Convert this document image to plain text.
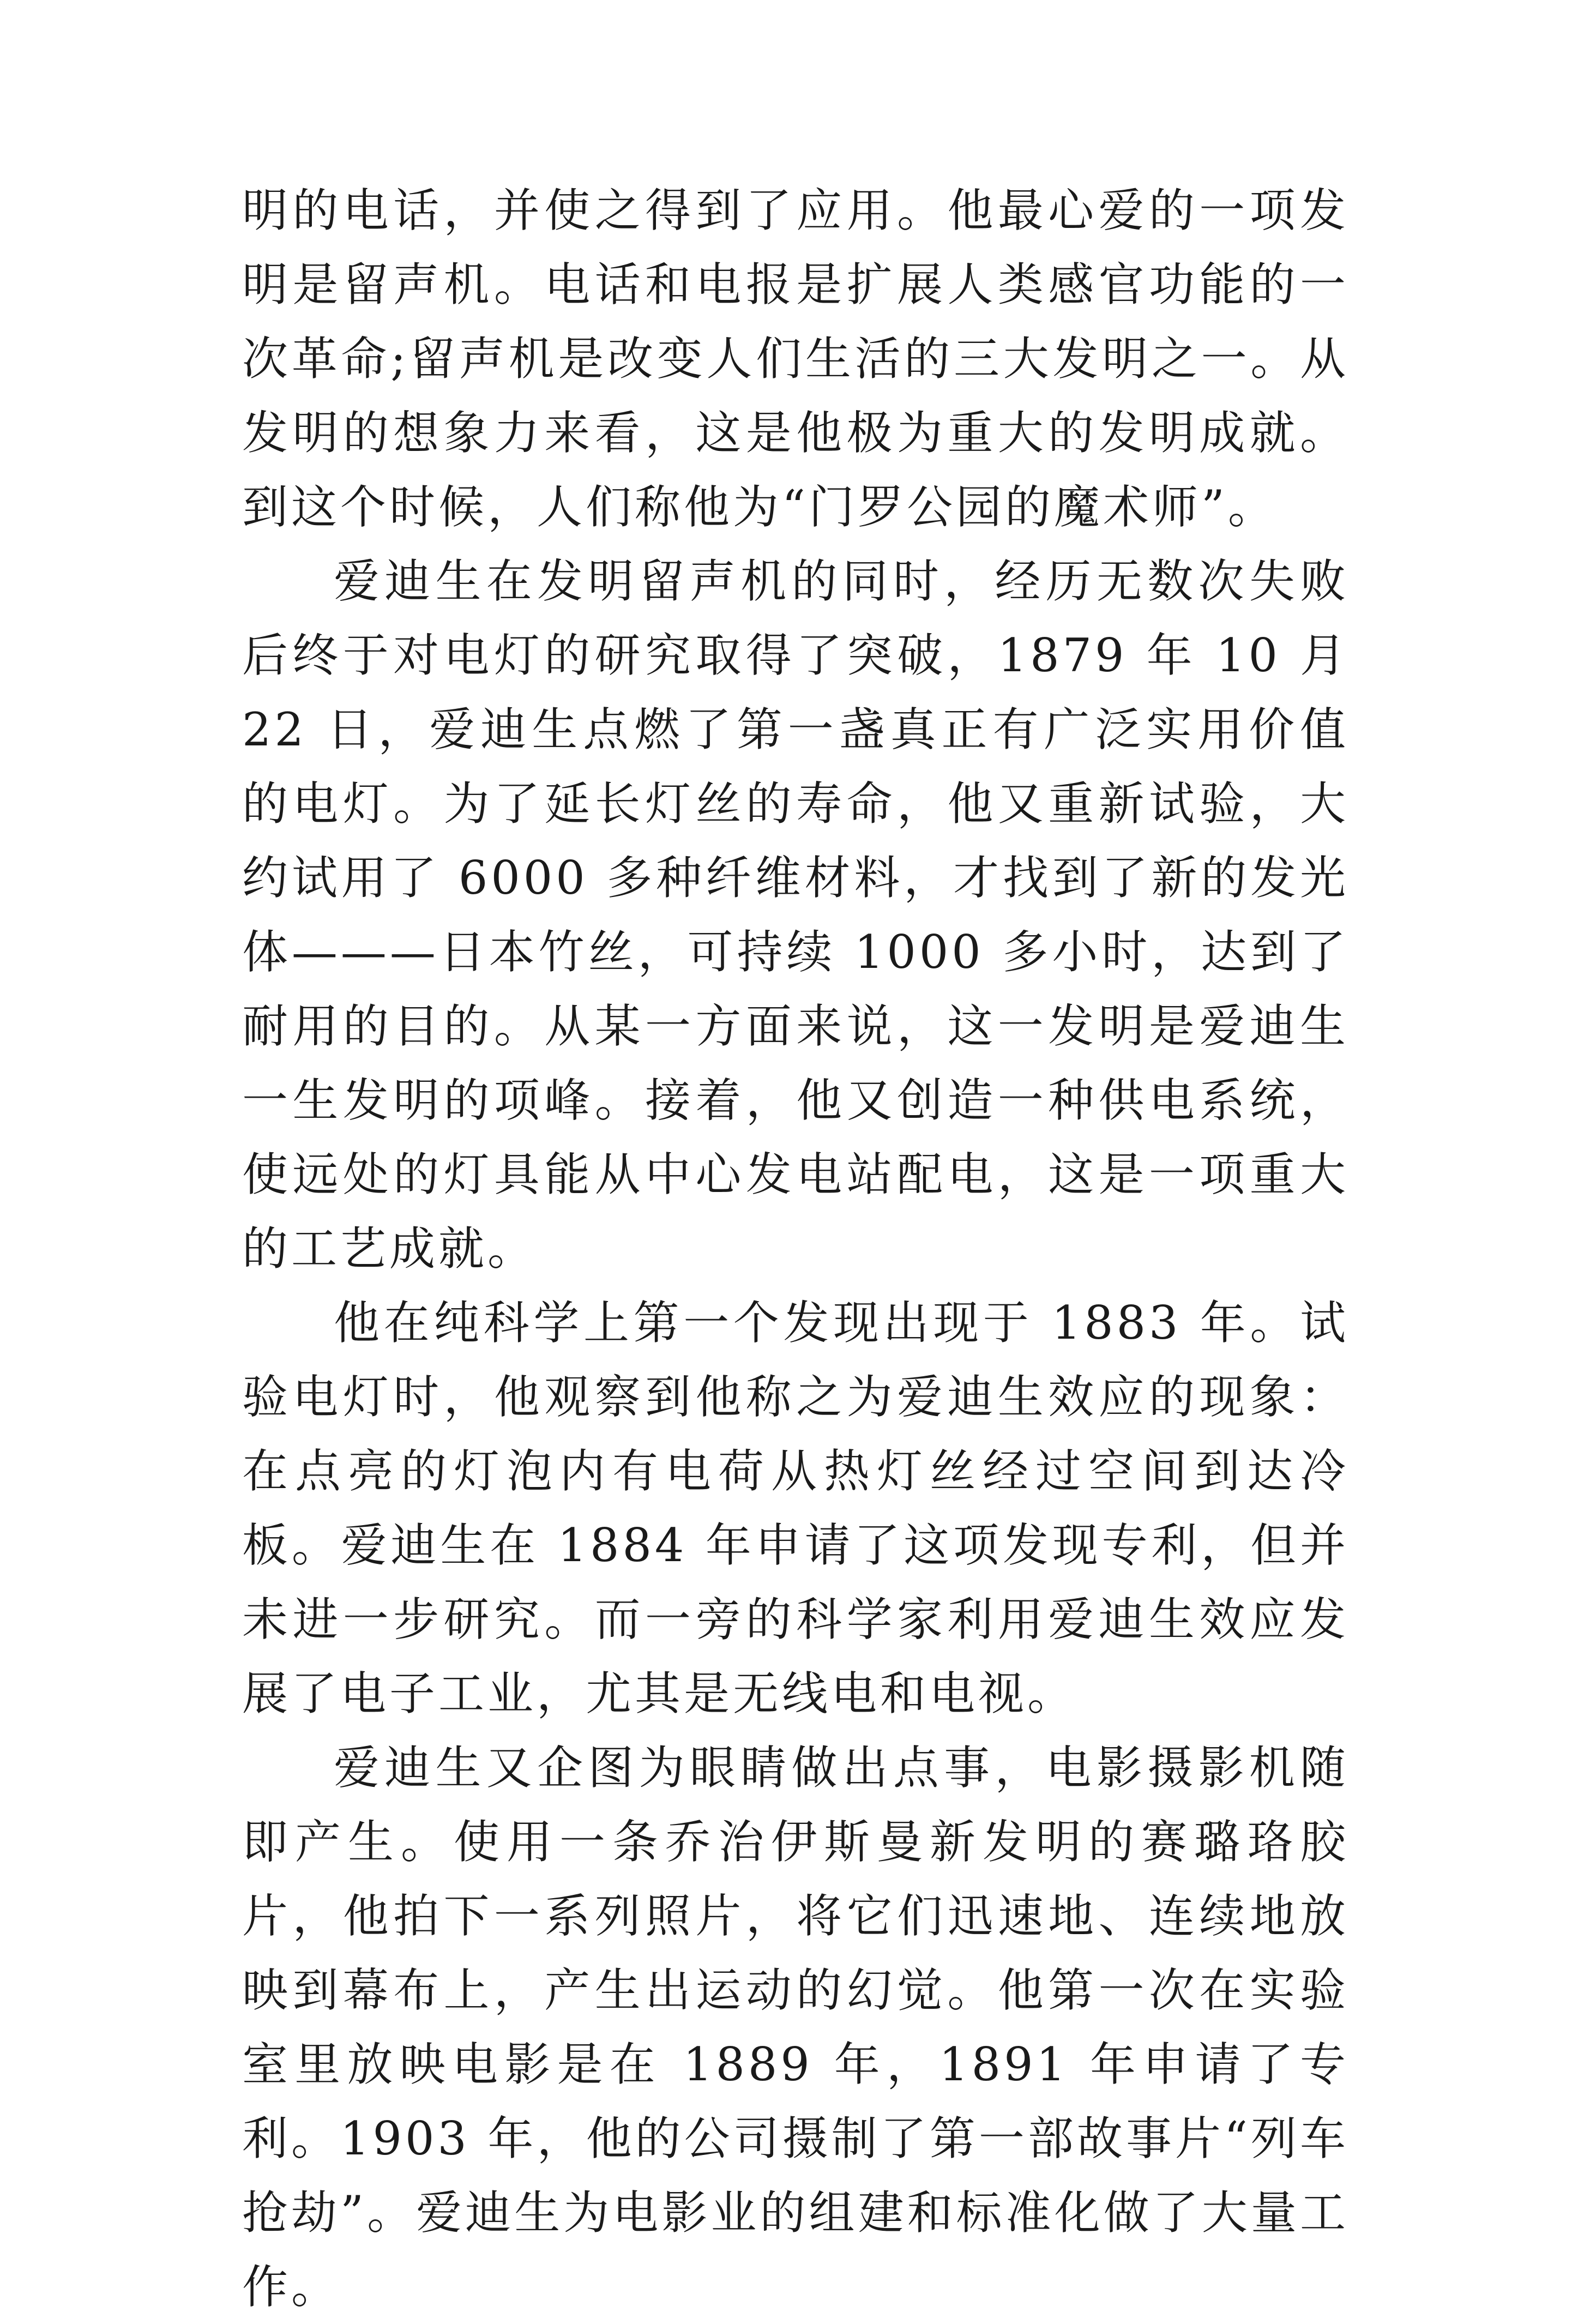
明的电话，并使之得到了应用。他最心爱的一项发明是留声机。电话和电报是扩展人类感官功能的一次革命;留声机是改变人们生活的三大发明之一。从发明的想象力来看，这是他极为重大的发明成就。到这个时候，人们称他为“门罗公园的魔术师”。

爱迪生在发明留声机的同时，经历无数次失败后终于对电灯的研究取得了突破，1879 年 10 月 22 日，爱迪生点燃了第一盏真正有广泛实用价值的电灯。为了延长灯丝的寿命，他又重新试验，大约试用了 6000 多种纤维材料，才找到了新的发光体———日本竹丝，可持续 1000 多小时，达到了耐用的目的。从某一方面来说，这一发明是爱迪生一生发明的项峰。接着，他又创造一种供电系统，使远处的灯具能从中心发电站配电，这是一项重大的工艺成就。

他在纯科学上第一个发现出现于 1883 年。试验电灯时，他观察到他称之为爱迪生效应的现象：在点亮的灯泡内有电荷从热灯丝经过空间到达冷板。爱迪生在 1884 年申请了这项发现专利，但并未进一步研究。而一旁的科学家利用爱迪生效应发展了电子工业，尤其是无线电和电视。

爱迪生又企图为眼睛做出点事，电影摄影机随即产生。使用一条乔治伊斯曼新发明的赛璐珞胶片，他拍下一系列照片，将它们迅速地、连续地放映到幕布上，产生出运动的幻觉。他第一次在实验室里放映电影是在 1889 年，1891 年申请了专利。1903 年，他的公司摄制了第一部故事片“列车抢劫”。爱迪生为电影业的组建和标准化做了大量工作。
